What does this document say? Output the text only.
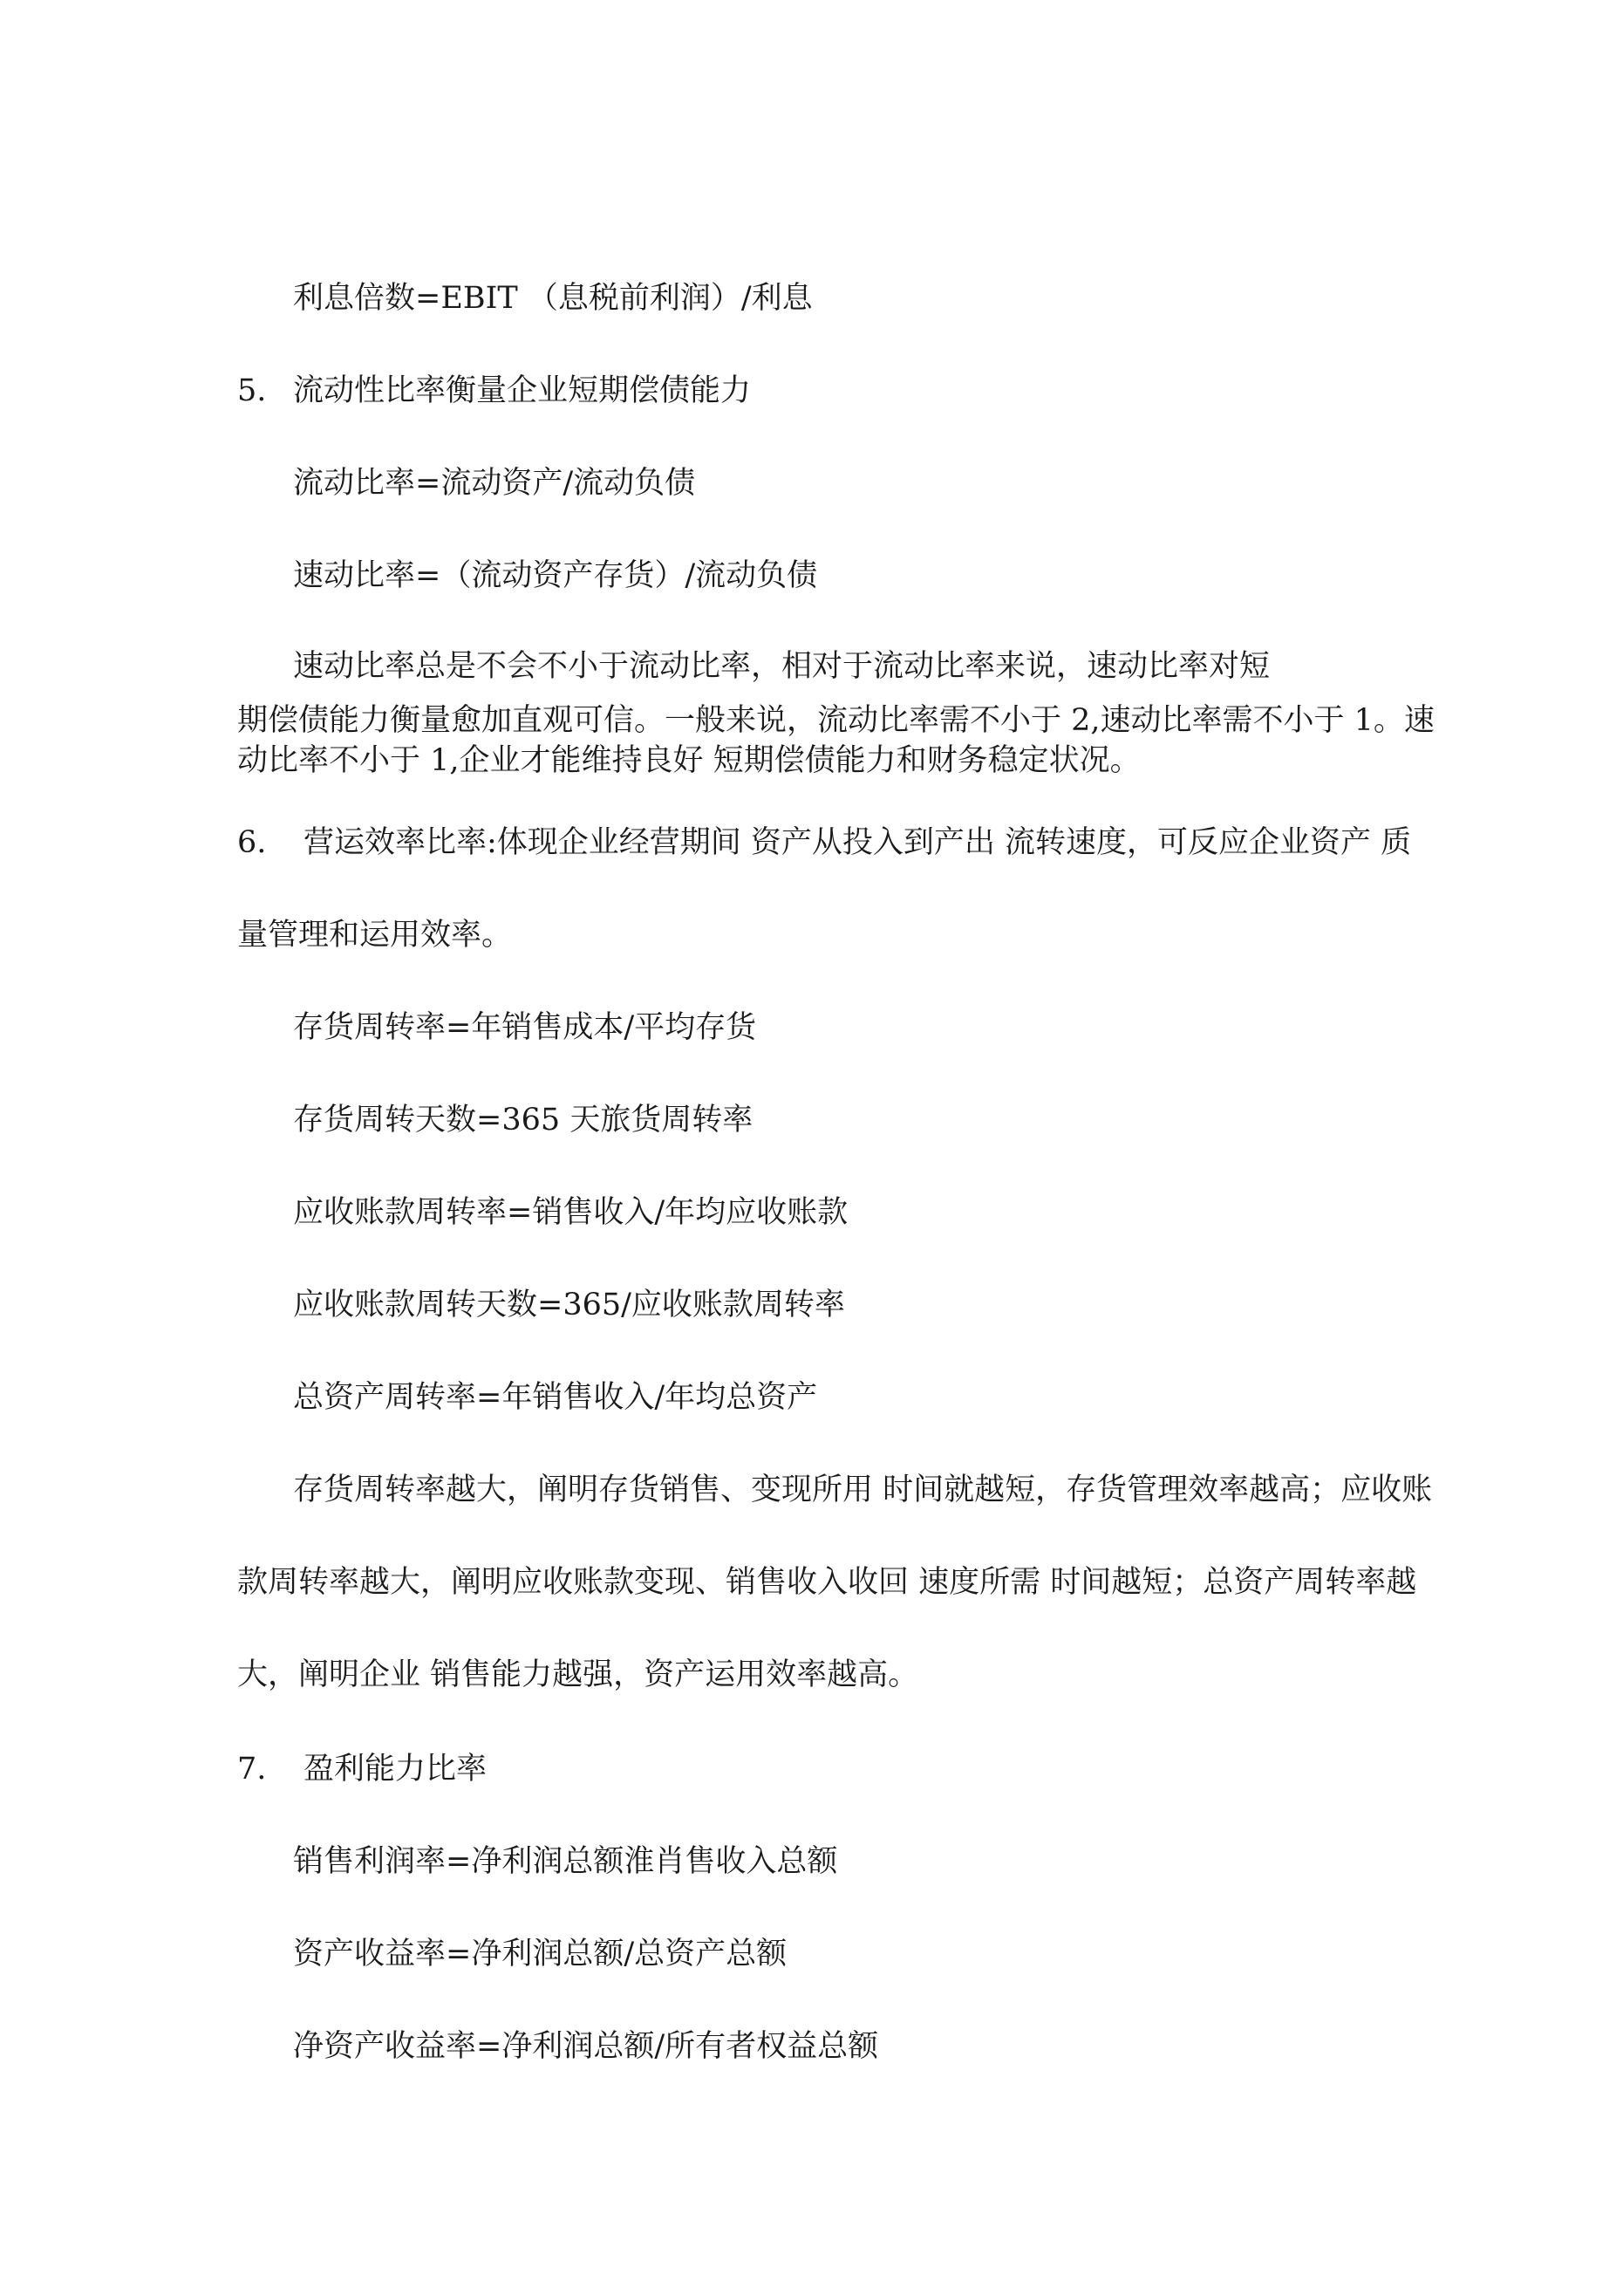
利息倍数=EBIT （息税前利润）/利息
5. 流动性比率衡量企业短期偿债能力
流动比率=流动资产/流动负债
速动比率=（流动资产存货）/流动负债
速动比率总是不会不小于流动比率，相对于流动比率来说，速动比率对短
期偿债能力衡量愈加直观可信。一般来说，流动比率需不小于 2,速动比率需不小于 1。速
动比率不小于 1,企业才能维持良好 短期偿债能力和财务稳定状况。
6. 营运效率比率:体现企业经营期间 资产从投入到产出 流转速度，可反应企业资产 质
量管理和运用效率。
存货周转率=年销售成本/平均存货
存货周转天数=365 天旅货周转率
应收账款周转率=销售收入/年均应收账款
应收账款周转天数=365/应收账款周转率
总资产周转率=年销售收入/年均总资产
存货周转率越大，阐明存货销售、变现所用 时间就越短，存货管理效率越高；应收账
款周转率越大，阐明应收账款变现、销售收入收回 速度所需 时间越短；总资产周转率越
大，阐明企业 销售能力越强，资产运用效率越高。
7. 盈利能力比率
销售利润率=净利润总额淮肖售收入总额
资产收益率=净利润总额/总资产总额
净资产收益率=净利润总额/所有者权益总额
